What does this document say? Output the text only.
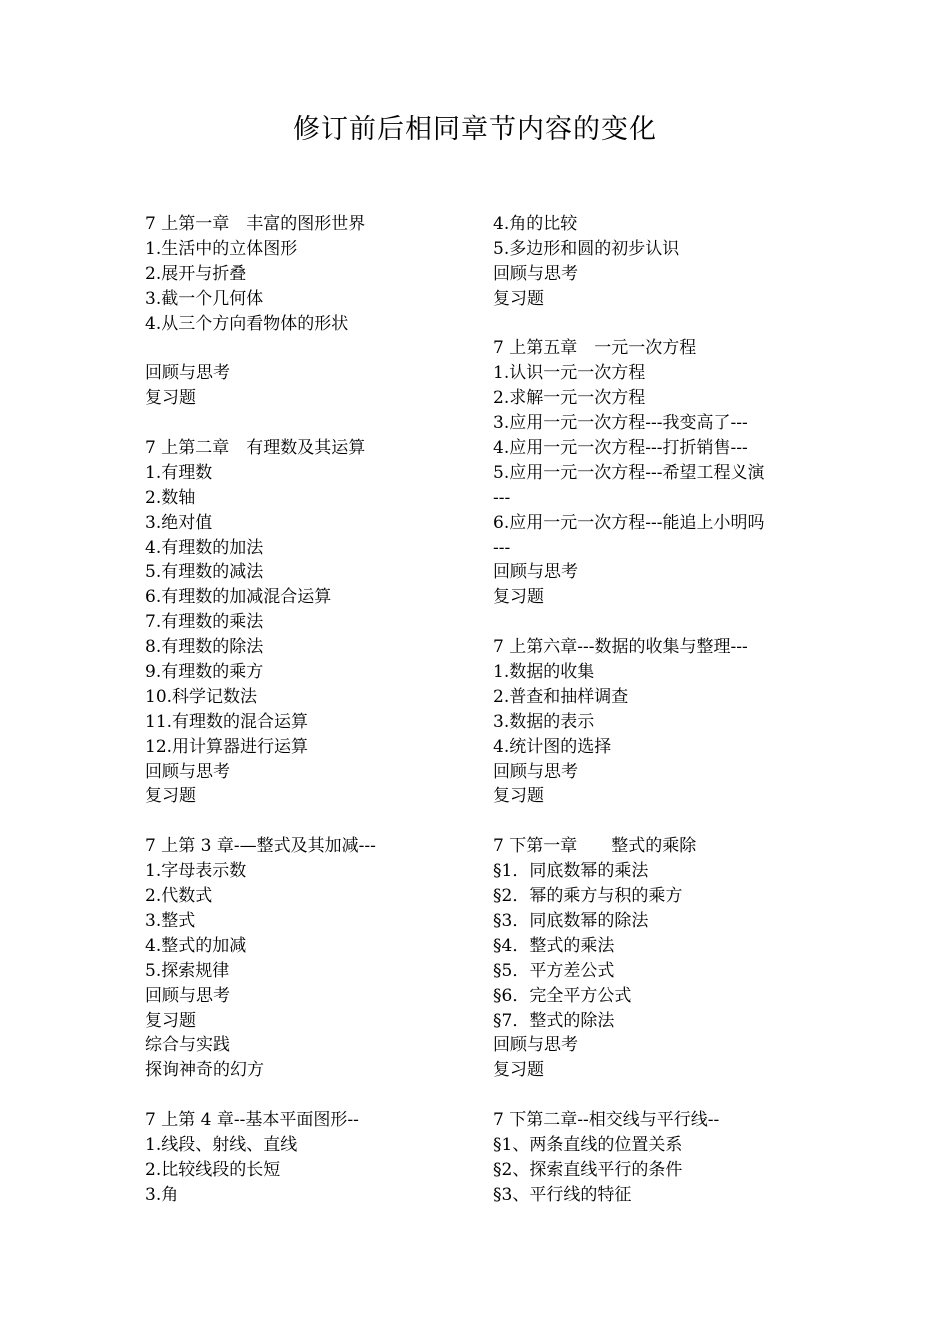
修订前后相同章节内容的变化
7 上第一章　丰富的图形世界
1.生活中的立体图形
2.展开与折叠
3.截一个几何体
4.从三个方向看物体的形状
回顾与思考
复习题
7 上第二章　有理数及其运算
1.有理数
2.数轴
3.绝对值
4.有理数的加法
5.有理数的减法
6.有理数的加减混合运算
7.有理数的乘法
8.有理数的除法
9.有理数的乘方
10.科学记数法
11.有理数的混合运算
12.用计算器进行运算
回顾与思考
复习题
7 上第 3 章-—整式及其加减---
1.字母表示数
2.代数式
3.整式
4.整式的加减
5.探索规律
回顾与思考
复习题
综合与实践
探询神奇的幻方
7 上第 4 章--基本平面图形--
1.线段、射线、直线
2.比较线段的长短
3.角
4.角的比较
5.多边形和圆的初步认识
回顾与思考
复习题
7 上第五章　一元一次方程
1.认识一元一次方程
2.求解一元一次方程
3.应用一元一次方程---我变高了---
4.应用一元一次方程---打折销售---
5.应用一元一次方程---希望工程义演
---
6.应用一元一次方程---能追上小明吗
---
回顾与思考
复习题
7 上第六章---数据的收集与整理---
1.数据的收集
2.普查和抽样调查
3.数据的表示
4.统计图的选择
回顾与思考
复习题
7 下第一章　　整式的乘除
§1．同底数幂的乘法
§2．幂的乘方与积的乘方
§3．同底数幂的除法
§4．整式的乘法
§5．平方差公式
§6．完全平方公式
§7．整式的除法
回顾与思考
复习题
7 下第二章--相交线与平行线--
§1、两条直线的位置关系
§2、探索直线平行的条件
§3、平行线的特征
